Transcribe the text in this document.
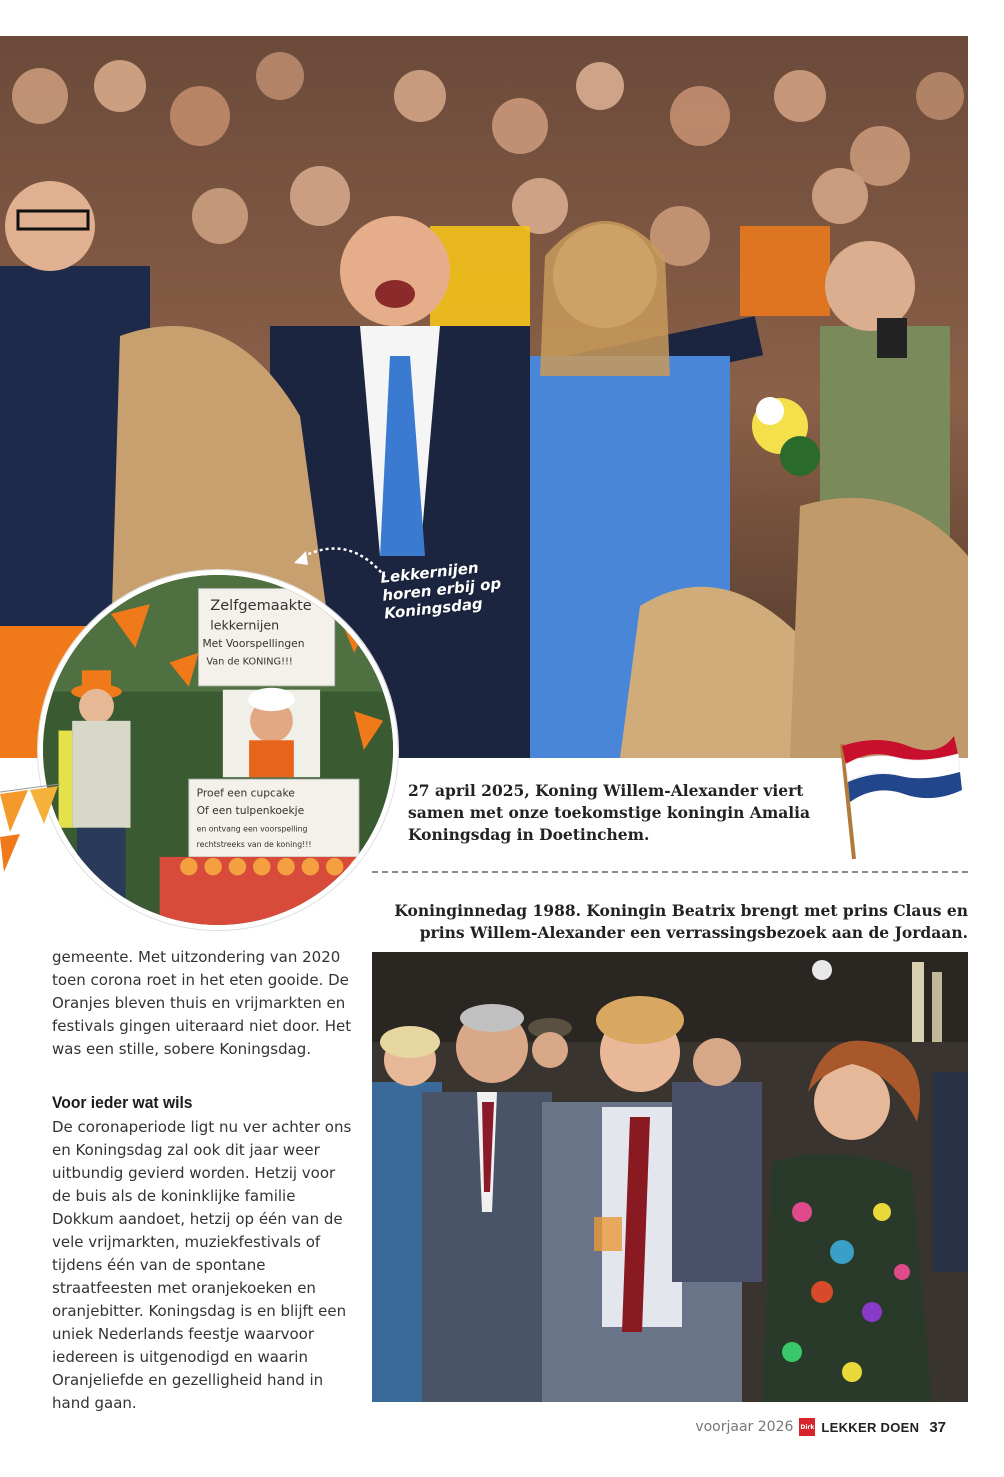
Lekkernijen horen erbij op Koningsdag
Zelfgemaakte
lekkernijen
Met Voorspellingen
Van de KONING!!!
Proef een cupcake
Of een tulpenkoekje
en ontvang een voorspelling
rechtstreeks van de koning!!!
27 april 2025, Koning Willem-Alexander viert samen met onze toekomstige koningin Amalia Koningsdag in Doetinchem.
Koninginnedag 1988. Koningin Beatrix brengt met prins Claus en prins Willem-Alexander een verrassingsbezoek aan de Jordaan.

gemeente. Met uitzondering van 2020 toen corona roet in het eten gooide. De Oranjes bleven thuis en vrijmarkten en festivals gingen uiteraard niet door. Het was een stille, sobere Koningsdag.

Voor ieder wat wils

De coronaperiode ligt nu ver achter ons en Koningsdag zal ook dit jaar weer uitbundig gevierd worden. Hetzij voor de buis als de koninklijke familie Dokkum aandoet, hetzij op één van de vele vrijmarkten, muziekfestivals of tijdens één van de spontane straatfeesten met oranjekoeken en oranjebitter. Koningsdag is en blijft een uniek Nederlands feestje waarvoor iedereen is uitgenodigd en waarin Oranjeliefde en gezelligheid hand in hand gaan.

voorjaar 2026 Dirk LEKKER DOEN 37
